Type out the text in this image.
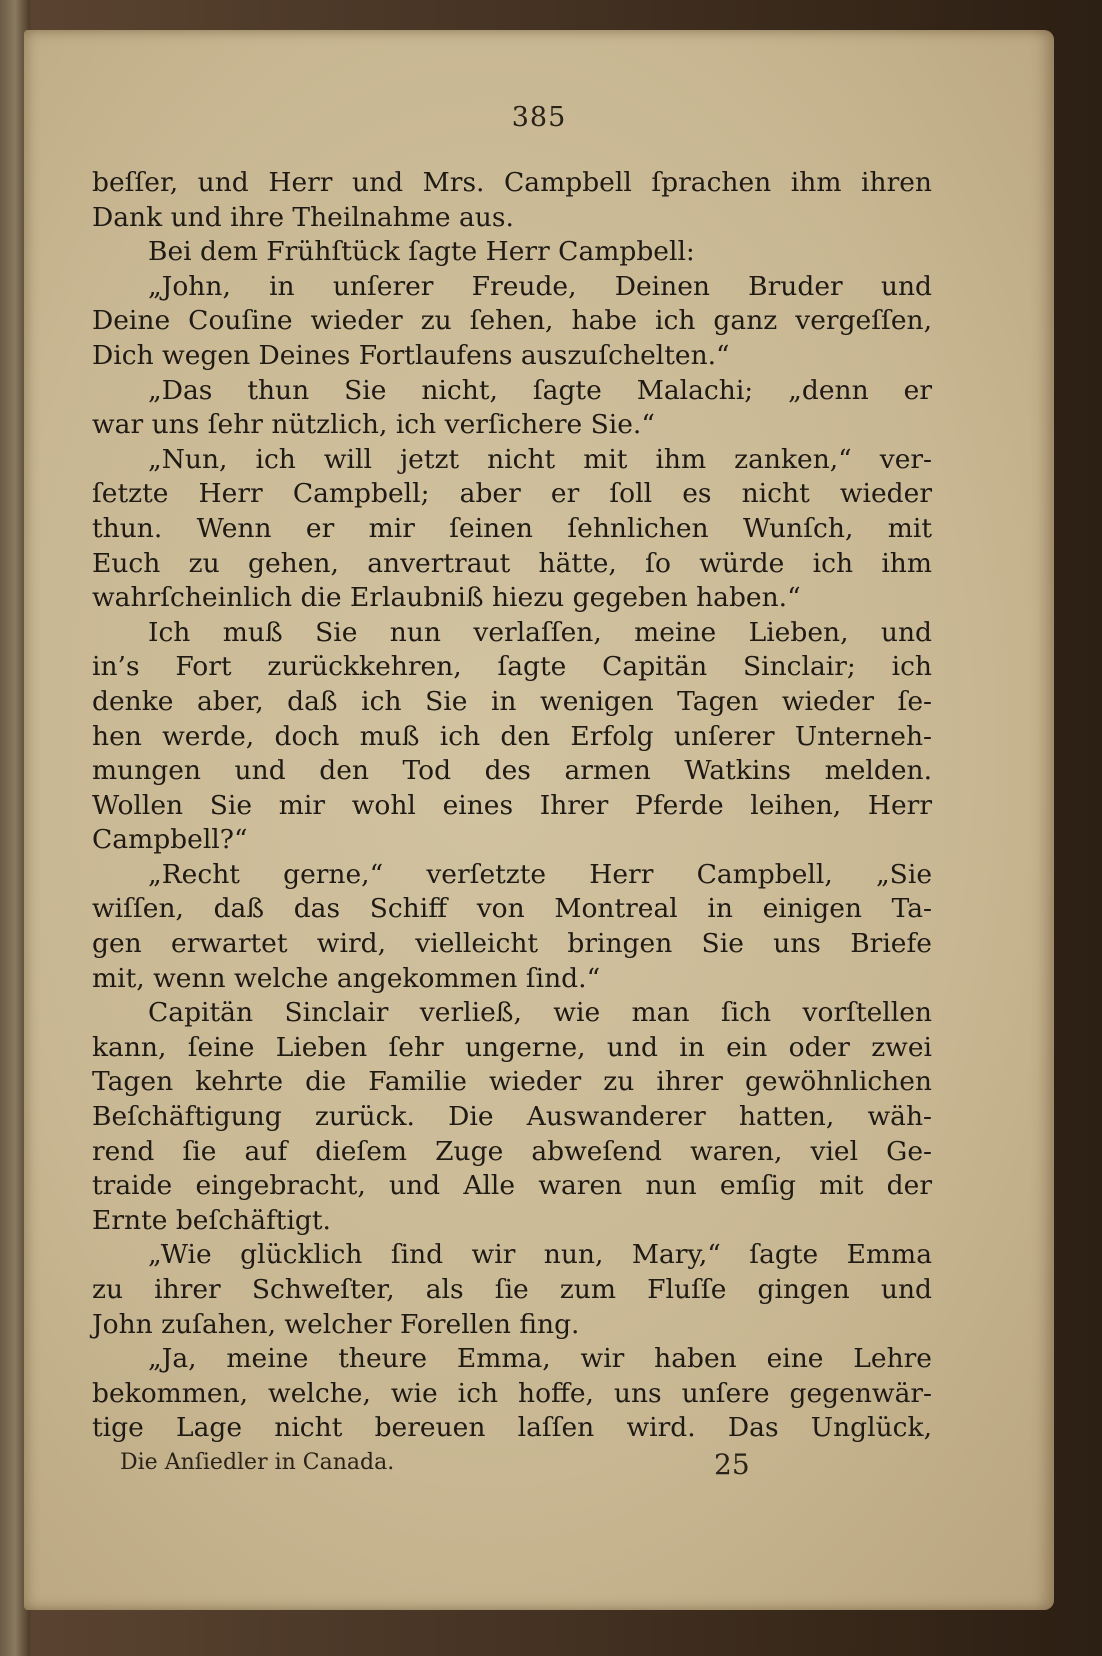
385
beſſer, und Herr und Mrs. Campbell ſprachen ihm ihren
Dank und ihre Theilnahme aus.
Bei dem Frühſtück ſagte Herr Campbell:
„John, in unſerer Freude, Deinen Bruder und
Deine Couſine wieder zu ſehen, habe ich ganz vergeſſen,
Dich wegen Deines Fortlaufens auszuſchelten.“
„Das thun Sie nicht, ſagte Malachi; „denn er
war uns ſehr nützlich, ich verſichere Sie.“
„Nun, ich will jetzt nicht mit ihm zanken,“ ver-
ſetzte Herr Campbell; aber er ſoll es nicht wieder
thun. Wenn er mir ſeinen ſehnlichen Wunſch, mit
Euch zu gehen, anvertraut hätte, ſo würde ich ihm
wahrſcheinlich die Erlaubniß hiezu gegeben haben.“
Ich muß Sie nun verlaſſen, meine Lieben, und
in’s Fort zurückkehren, ſagte Capitän Sinclair; ich
denke aber, daß ich Sie in wenigen Tagen wieder ſe-
hen werde, doch muß ich den Erfolg unſerer Unterneh-
mungen und den Tod des armen Watkins melden.
Wollen Sie mir wohl eines Ihrer Pferde leihen, Herr
Campbell?“
„Recht gerne,“ verſetzte Herr Campbell, „Sie
wiſſen, daß das Schiff von Montreal in einigen Ta-
gen erwartet wird, vielleicht bringen Sie uns Briefe
mit, wenn welche angekommen ſind.“
Capitän Sinclair verließ, wie man ſich vorſtellen
kann, ſeine Lieben ſehr ungerne, und in ein oder zwei
Tagen kehrte die Familie wieder zu ihrer gewöhnlichen
Beſchäftigung zurück. Die Auswanderer hatten, wäh-
rend ſie auf dieſem Zuge abweſend waren, viel Ge-
traide eingebracht, und Alle waren nun emſig mit der
Ernte beſchäftigt.
„Wie glücklich ſind wir nun, Mary,“ ſagte Emma
zu ihrer Schweſter, als ſie zum Fluſſe gingen und
John zuſahen, welcher Forellen fing.
„Ja, meine theure Emma, wir haben eine Lehre
bekommen, welche, wie ich hoffe, uns unſere gegenwär-
tige Lage nicht bereuen laſſen wird. Das Unglück,
Die Anſiedler in Canada.	25
